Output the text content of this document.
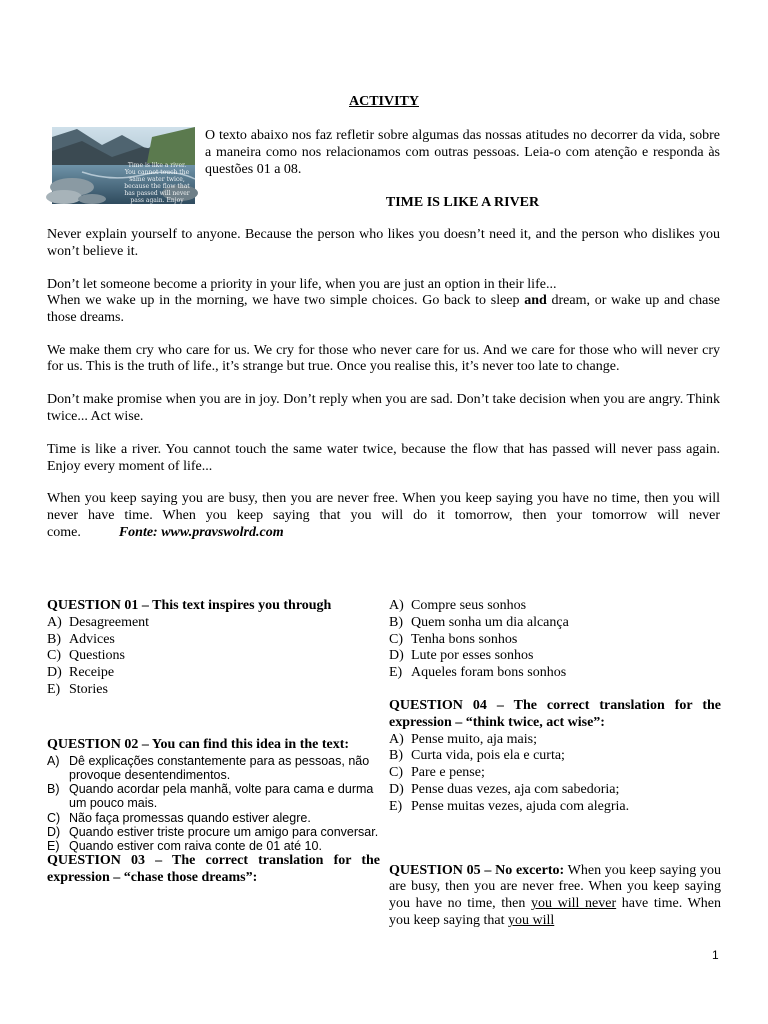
ACTIVITY
Time is like a river. You cannot touch the same water twice, because the flow that has passed will never pass again. Enjoy every moment of life
O texto abaixo nos faz refletir sobre algumas das nossas atitudes no decorrer da vida, sobre a maneira como nos relacionamos com outras pessoas. Leia-o com atenção e responda às questões 01 a 08.
TIME IS LIKE A RIVER

Never explain yourself to anyone. Because the person who likes you doesn’t need it, and the person who dislikes you won’t believe it.

Don’t let someone become a priority in your life, when you are just an option in their life...

When we wake up in the morning, we have two simple choices. Go back to sleep and dream, or wake up and chase those dreams.

We make them cry who care for us. We cry for those who never care for us. And we care for those who will never cry for us. This is the truth of life., it’s strange but true. Once you realise this, it’s never too late to change.

Don’t make promise when you are in joy. Don’t reply when you are sad. Don’t take decision when you are angry. Think twice... Act wise.

Time is like a river. You cannot touch the same water twice, because the flow that has passed will never pass again. Enjoy every moment of life...

When you keep saying you are busy, then you are never free. When you keep saying you have no time, then you will never have time. When you keep saying that you will do it tomorrow, then your tomorrow will never come.	Fonte: www.pravswolrd.com

QUESTION 01 – This text inspires you through
A) Desagreement
B) Advices
C) Questions
D) Receipe
E) Stories
QUESTION 02 – You can find this idea in the text:
A) Dê explicações constantemente para as pessoas, não provoque desentendimentos.
B) Quando acordar pela manhã, volte para cama e durma um pouco mais.
C) Não faça promessas quando estiver alegre.
D) Quando estiver triste procure um amigo para conversar.
E) Quando estiver com raiva conte de 01 até 10.
QUESTION 03 – The correct translation for the expression – “chase those dreams”:
A) Compre seus sonhos
B) Quem sonha um dia alcança
C) Tenha bons sonhos
D) Lute por esses sonhos
E) Aqueles foram bons sonhos
QUESTION 04 – The correct translation for the expression – “think twice, act wise”:
A) Pense muito, aja mais;
B) Curta vida, pois ela e curta;
C) Pare e pense;
D) Pense duas vezes, aja com sabedoria;
E) Pense muitas vezes, ajuda com alegria.
QUESTION 05 – No excerto: When you keep saying you are busy, then you are never free. When you keep saying you have no time, then you will never have time. When you keep saying that you will
1
